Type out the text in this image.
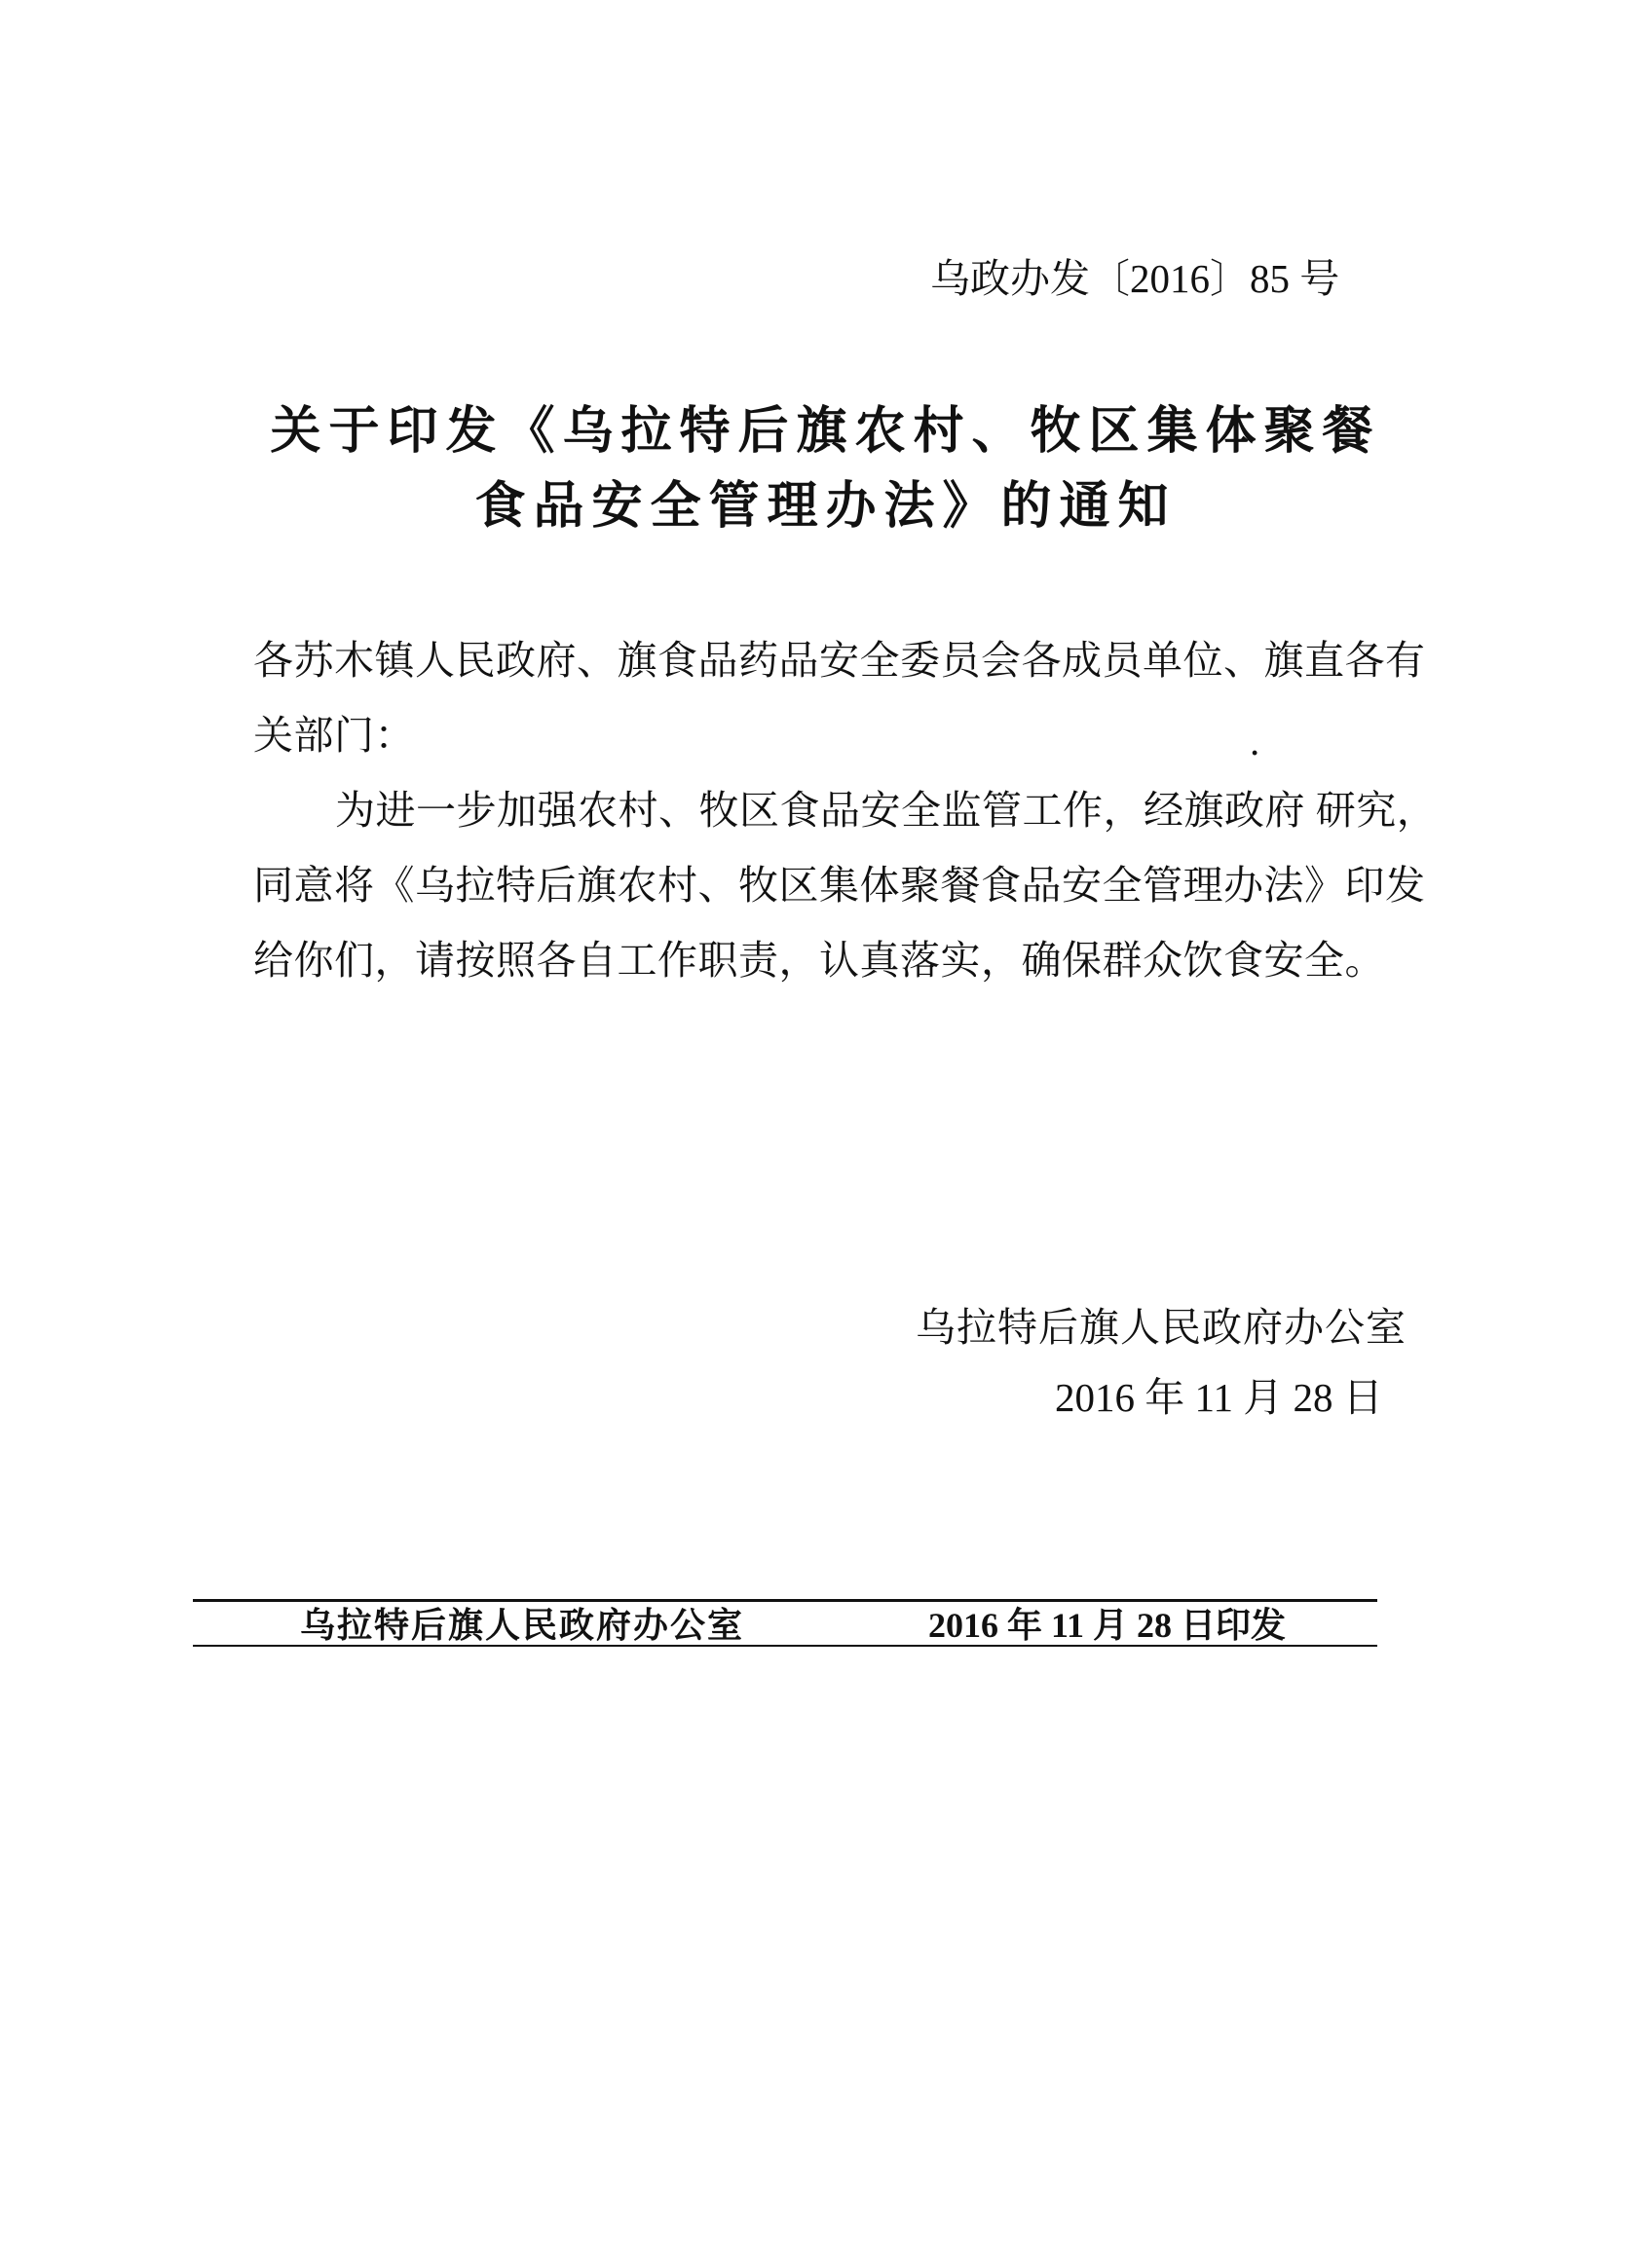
乌政办发〔2016〕85 号
关于印发《乌拉特后旗农村、牧区集体聚餐
食品安全管理办法》的通知
各苏木镇人民政府、旗食品药品安全委员会各成员单位、旗直各有
关部门：	.
为进一步加强农村、牧区食品安全监管工作，经旗政府 研究，
同意将《乌拉特后旗农村、牧区集体聚餐食品安全管理办法》印发
给你们，请按照各自工作职责，认真落实，确保群众饮食安全。
乌拉特后旗人民政府办公室
2016 年 11 月 28 日
乌拉特后旗人民政府办公室	2016 年 11 月 28 日印发
